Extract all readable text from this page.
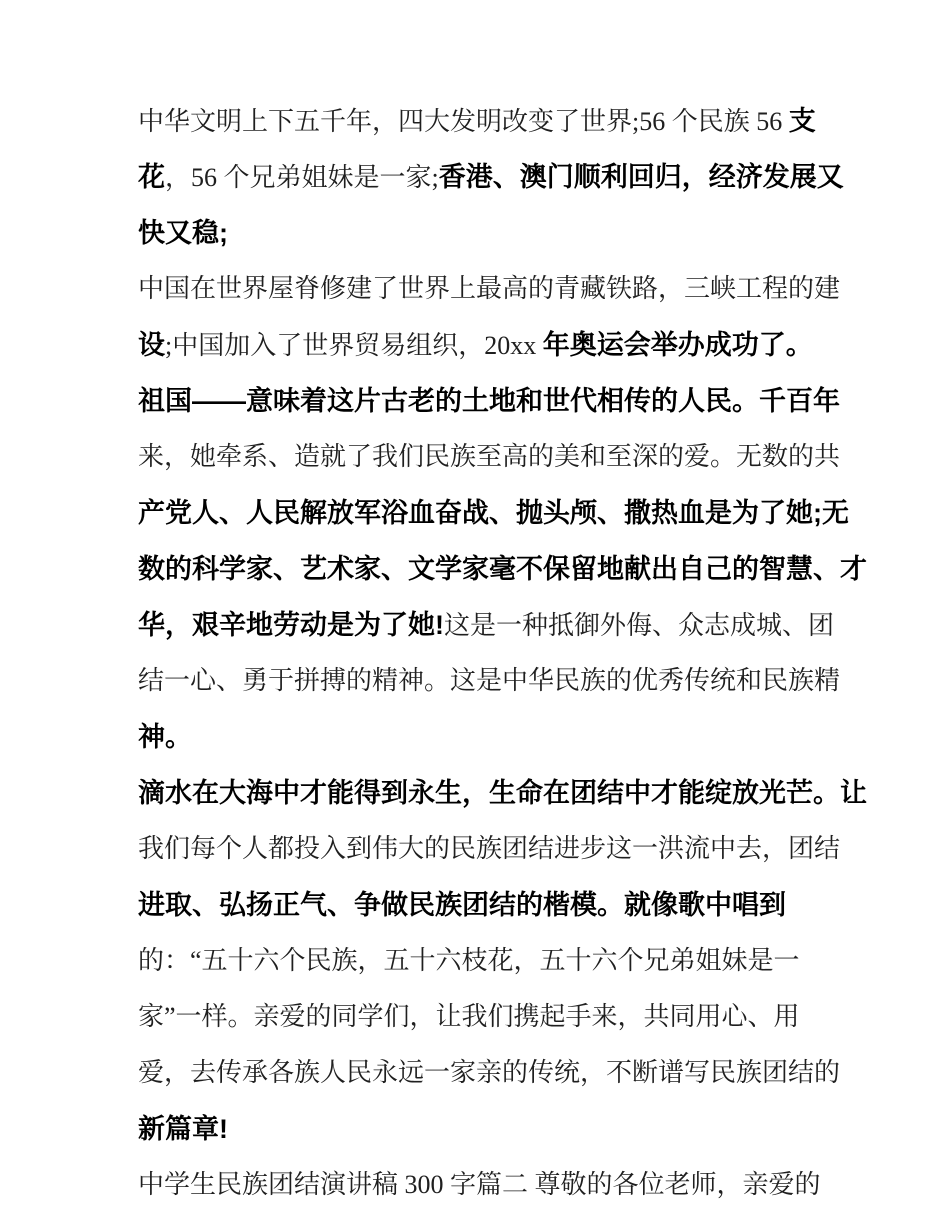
中华文明上下五千年，四大发明改变了世界;56 个民族 56 支
花，56 个兄弟姐妹是一家;香港、澳门顺利回归，经济发展又
快又稳;
中国在世界屋脊修建了世界上最高的青藏铁路，三峡工程的建
设;中国加入了世界贸易组织，20xx 年奥运会举办成功了。
祖国——意味着这片古老的土地和世代相传的人民。千百年
来，她牵系、造就了我们民族至高的美和至深的爱。无数的共
产党人、人民解放军浴血奋战、抛头颅、撒热血是为了她;无
数的科学家、艺术家、文学家毫不保留地献出自己的智慧、才
华，艰辛地劳动是为了她!这是一种抵御外侮、众志成城、团
结一心、勇于拼搏的精神。这是中华民族的优秀传统和民族精
神。
滴水在大海中才能得到永生，生命在团结中才能绽放光芒。让
我们每个人都投入到伟大的民族团结进步这一洪流中去，团结
进取、弘扬正气、争做民族团结的楷模。就像歌中唱到
的：“五十六个民族，五十六枝花，五十六个兄弟姐妹是一
家”一样。亲爱的同学们，让我们携起手来，共同用心、用
爱，去传承各族人民永远一家亲的传统，不断谱写民族团结的
新篇章!
中学生民族团结演讲稿 300 字篇二 尊敬的各位老师，亲爱的
